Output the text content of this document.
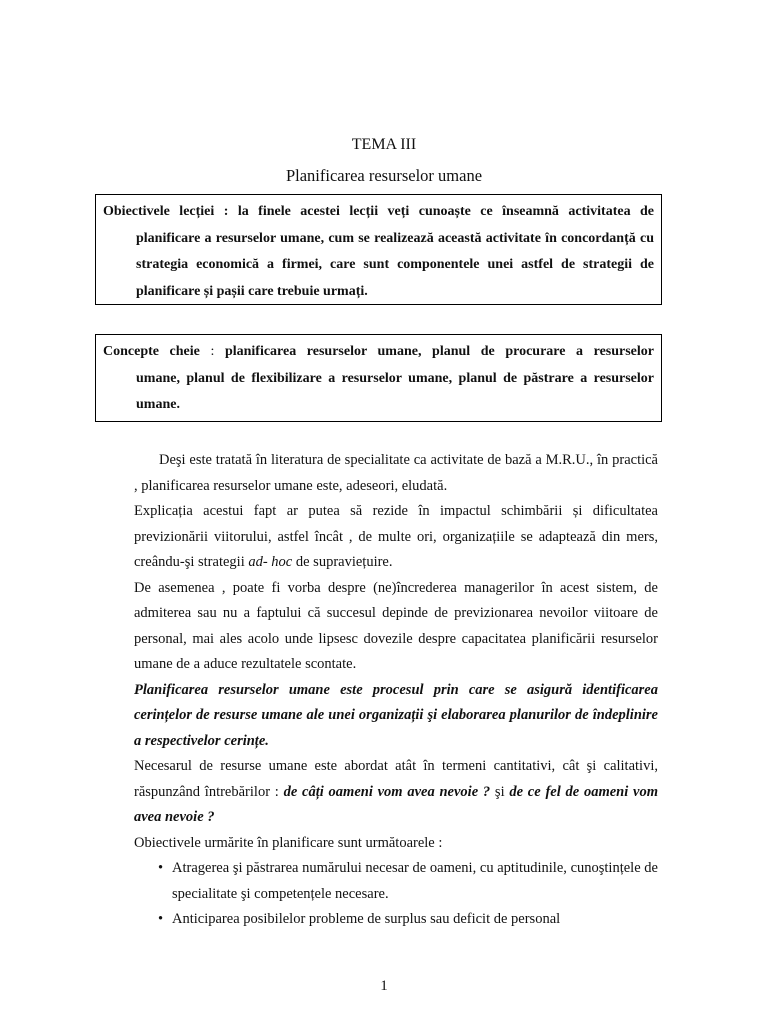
TEMA III
Planificarea resurselor umane
Obiectivele lecției : la finele acestei lecții veți cunoaște ce înseamnă activitatea de
planificare a resurselor umane, cum se realizează această activitate în concordanță cu strategia economică a firmei, care sunt componentele unei astfel de strategii de planificare și pașii care trebuie urmați.
Concepte cheie : planificarea resurselor umane, planul de procurare a resurselor
umane, planul de flexibilizare a resurselor umane, planul de păstrare a resurselor umane.

Deşi este tratată în literatura de specialitate ca activitate de bază a M.R.U., în practică , planificarea resurselor umane este, adeseori, eludată.

Explicația acestui fapt ar putea să rezide în impactul schimbării și dificultatea previzionării viitorului, astfel încât , de multe ori, organizațiile se adaptează din mers, creându-şi strategii ad- hoc de supraviețuire.

De asemenea , poate fi vorba despre (ne)încrederea managerilor în acest sistem, de admiterea sau nu a faptului că succesul depinde de previzionarea nevoilor viitoare de personal, mai ales acolo unde lipsesc dovezile despre capacitatea planificării resurselor umane de a aduce rezultatele scontate.

Planificarea resurselor umane este procesul prin care se asigură identificarea cerințelor de resurse umane ale unei organizații şi elaborarea planurilor de îndeplinire a respectivelor cerințe.

Necesarul de resurse umane este abordat atât în termeni cantitativi, cât şi calitativi, răspunzând întrebărilor : de câți oameni vom avea nevoie ? şi de ce fel de oameni vom avea nevoie ?

Obiectivele urmărite în planificare sunt următoarele :

• Atragerea şi păstrarea numărului necesar de oameni, cu aptitudinile, cunoştințele de specialitate şi competențele necesare.
• Anticiparea posibilelor probleme de surplus sau deficit de personal
1
